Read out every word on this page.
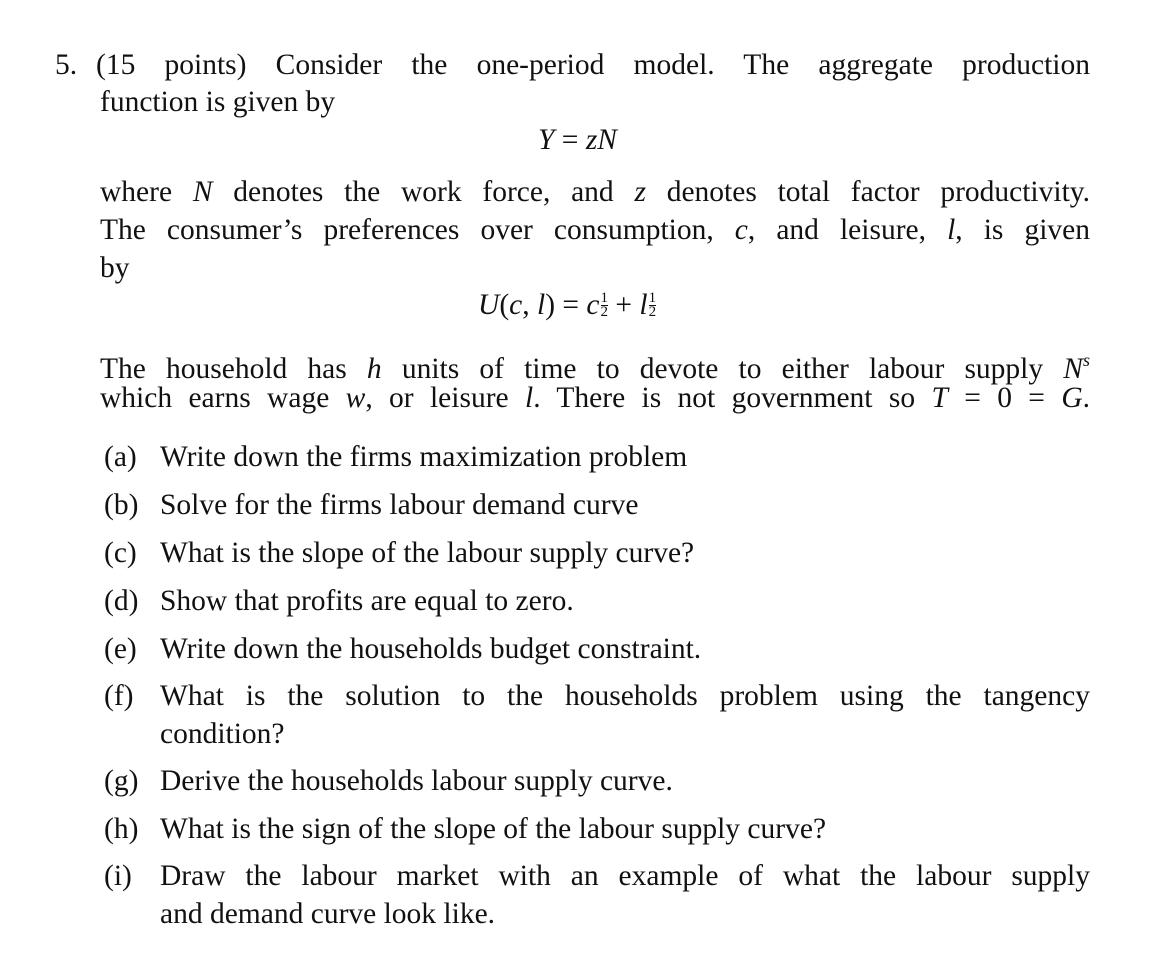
5. (15 points) Consider the one-period model. The aggregate production
function is given by
Y = zN
where N denotes the work force, and z denotes total factor productivity.
The consumer’s preferences over consumption, c, and leisure, l, is given
by
U(c, l) = c $\frac{1}{2} + l \frac{1}{2}$
The household has h units of time to devote to either labour supply $N^s$
which earns wage w, or leisure l. There is not government so T = 0 = G.
(a) Write down the firms maximization problem
(b) Solve for the firms labour demand curve
(c) What is the slope of the labour supply curve?
(d) Show that profits are equal to zero.
(e) Write down the households budget constraint.
(f) What is the solution to the households problem using the tangency
condition?
(g) Derive the households labour supply curve.
(h) What is the sign of the slope of the labour supply curve?
(i) Draw the labour market with an example of what the labour supply
and demand curve look like.
